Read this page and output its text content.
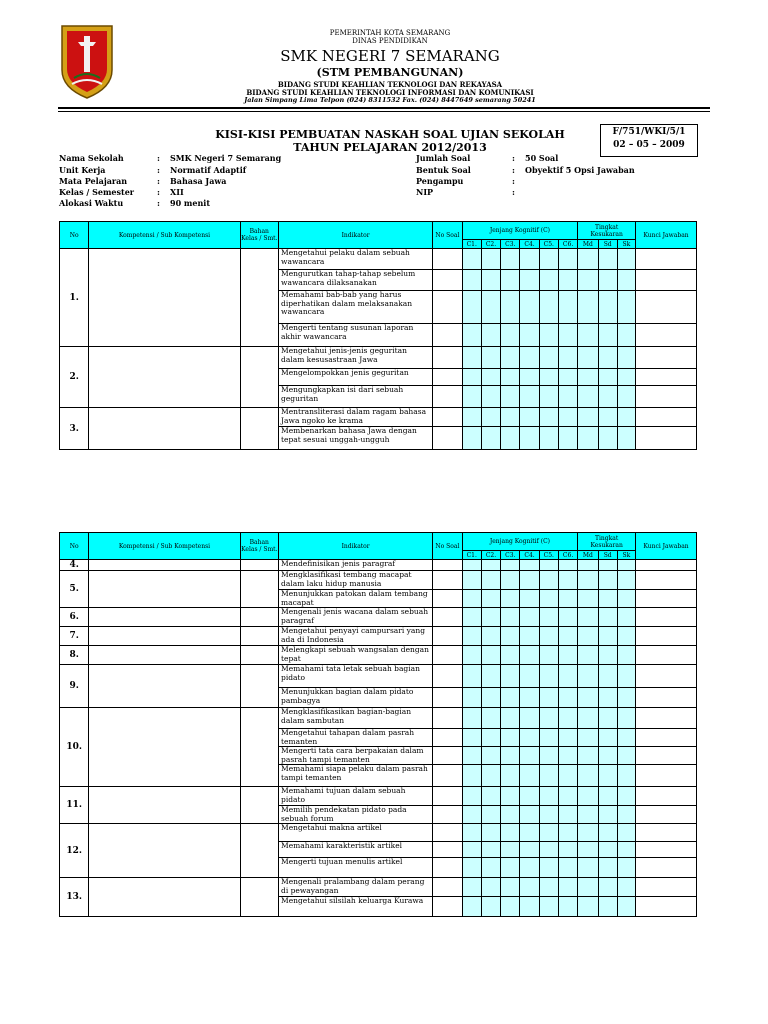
PEMERINTAH KOTA SEMARANG
DINAS PENDIDIKAN
SMK NEGERI 7 SEMARANG
(STM PEMBANGUNAN)
BIDANG STUDI KEAHLIAN TEKNOLOGI DAN REKAYASA
BIDANG STUDI KEAHLIAN TEKNOLOGI INFORMASI DAN KOMUNIKASI
Jalan Simpang Lima Telpon (024) 8311532 Fax. (024) 8447649 semarang 50241
KISI-KISI PEMBUATAN NASKAH SOAL UJIAN SEKOLAH
TAHUN PELAJARAN 2012/2013
F/751/WKI/5/1
02 – 05 – 2009
Nama Sekolah	: SMK Negeri 7 Semarang
Unit Kerja	: Normatif Adaptif
Mata Pelajaran	: Bahasa Jawa
Kelas / Semester	: XII
Alokasi Waktu	: 90 menit
Jumlah Soal	: 50 Soal
Bentuk Soal	: Obyektif 5 Opsi Jawaban
Pengampu	:
NIP	:
No	Kompetensi / Sub Kompetensi	Bahan Kelas / Smt.	Indikator	No Soal	Jenjang Kognitif (C)						Tingkat Kesukaran			Kunci Jawaban
					C1.	C2.	C3.	C4.	C5.	C6.	Md	Sd	Sk	
1.			Mengetahui pelaku dalam sebuah wawancara											
			Mengurutkan tahap-tahap sebelum wawancara dilaksanakan											
			Memahami bab-bab yang harus diperhatikan dalam melaksanakan wawancara											
			Mengerti tentang susunan laporan akhir wawancara											
2.			Mengetahui jenis-jenis geguritan dalam kesusastraan Jawa											
			Mengelompokkan jenis geguritan											
			Mengungkapkan isi dari sebuah geguritan											
3.			Mentransliterasi dalam ragam bahasa Jawa ngoko ke krama											
			Membenarkan bahasa Jawa dengan tepat sesuai unggah-ungguh											
No	Kompetensi / Sub Kompetensi	Bahan Kelas / Smt.	Indikator	No Soal	Jenjang Kognitif (C)						Tingkat Kesukaran			Kunci Jawaban
					C1.	C2.	C3.	C4.	C5.	C6.	Md	Sd	Sk	
4.			Mendefinisikan jenis paragraf											
5.			Mengklasifikasi tembang macapat dalam laku hidup manusia											
			Menunjukkan patokan dalam tembang macapat											
6.			Mengenali jenis wacana dalam sebuah paragraf											
7.			Mengetahui penyayi campursari yang ada di Indonesia											
8.			Melengkapi sebuah wangsalan dengan tepat											
9.			Memahami tata letak sebuah bagian pidato											
			Menunjukkan bagian dalam pidato pambagya											
10.			Mengklasifikasikan bagian-bagian dalam sambutan											
			Mengetahui tahapan dalam pasrah temanten											
			Mengerti tata cara berpakaian dalam pasrah tampi temanten											
			Memahami siapa pelaku dalam pasrah tampi temanten											
11.			Memahami tujuan dalam sebuah pidato											
			Memilih pendekatan pidato pada sebuah forum											
12.			Mengetahui makna artikel											
			Memahami karakteristik artikel											
			Mengerti tujuan menulis artikel											
13.			Mengenali pralambang dalam perang di pewayangan											
			Mengetahui silsilah keluarga Kurawa											
